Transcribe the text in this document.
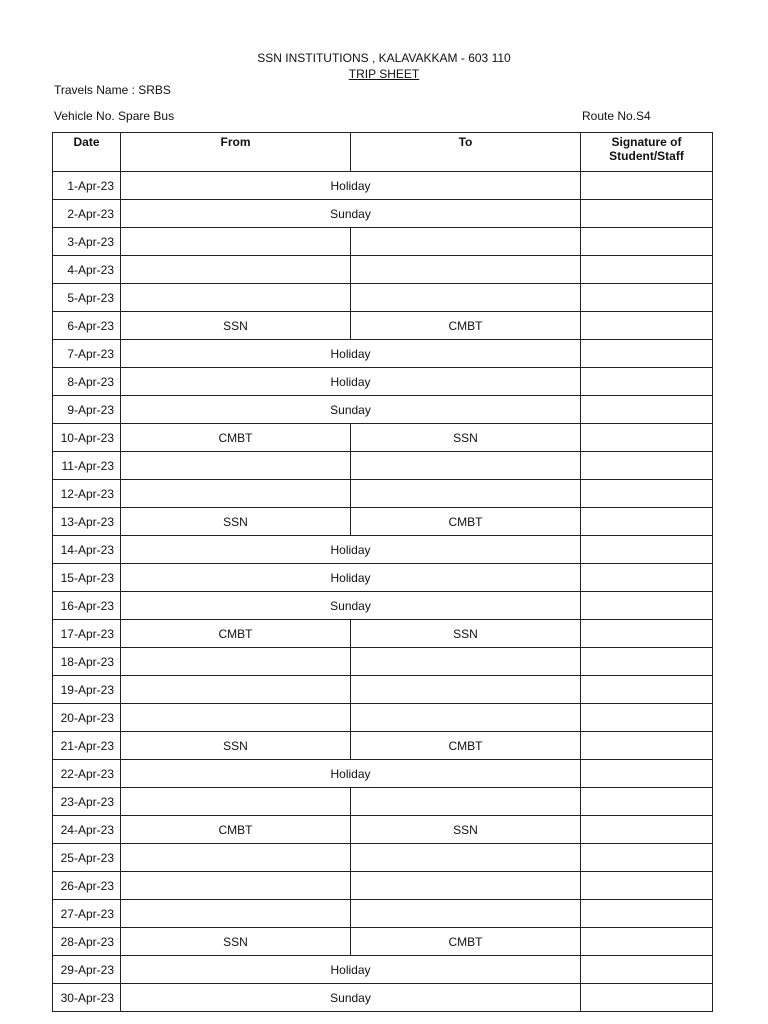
SSN INSTITUTIONS , KALAVAKKAM - 603 110
TRIP SHEET
Travels Name : SRBS
Vehicle No. Spare Bus	Route No.S4
Date	From	To	Signature of Student/Staff
1-Apr-23	Holiday		
2-Apr-23	Sunday		
3-Apr-23			
4-Apr-23			
5-Apr-23			
6-Apr-23	SSN	CMBT	
7-Apr-23	Holiday		
8-Apr-23	Holiday		
9-Apr-23	Sunday		
10-Apr-23	CMBT	SSN	
11-Apr-23			
12-Apr-23			
13-Apr-23	SSN	CMBT	
14-Apr-23	Holiday		
15-Apr-23	Holiday		
16-Apr-23	Sunday		
17-Apr-23	CMBT	SSN	
18-Apr-23			
19-Apr-23			
20-Apr-23			
21-Apr-23	SSN	CMBT	
22-Apr-23	Holiday		
23-Apr-23			
24-Apr-23	CMBT	SSN	
25-Apr-23			
26-Apr-23			
27-Apr-23			
28-Apr-23	SSN	CMBT	
29-Apr-23	Holiday		
30-Apr-23	Sunday		
